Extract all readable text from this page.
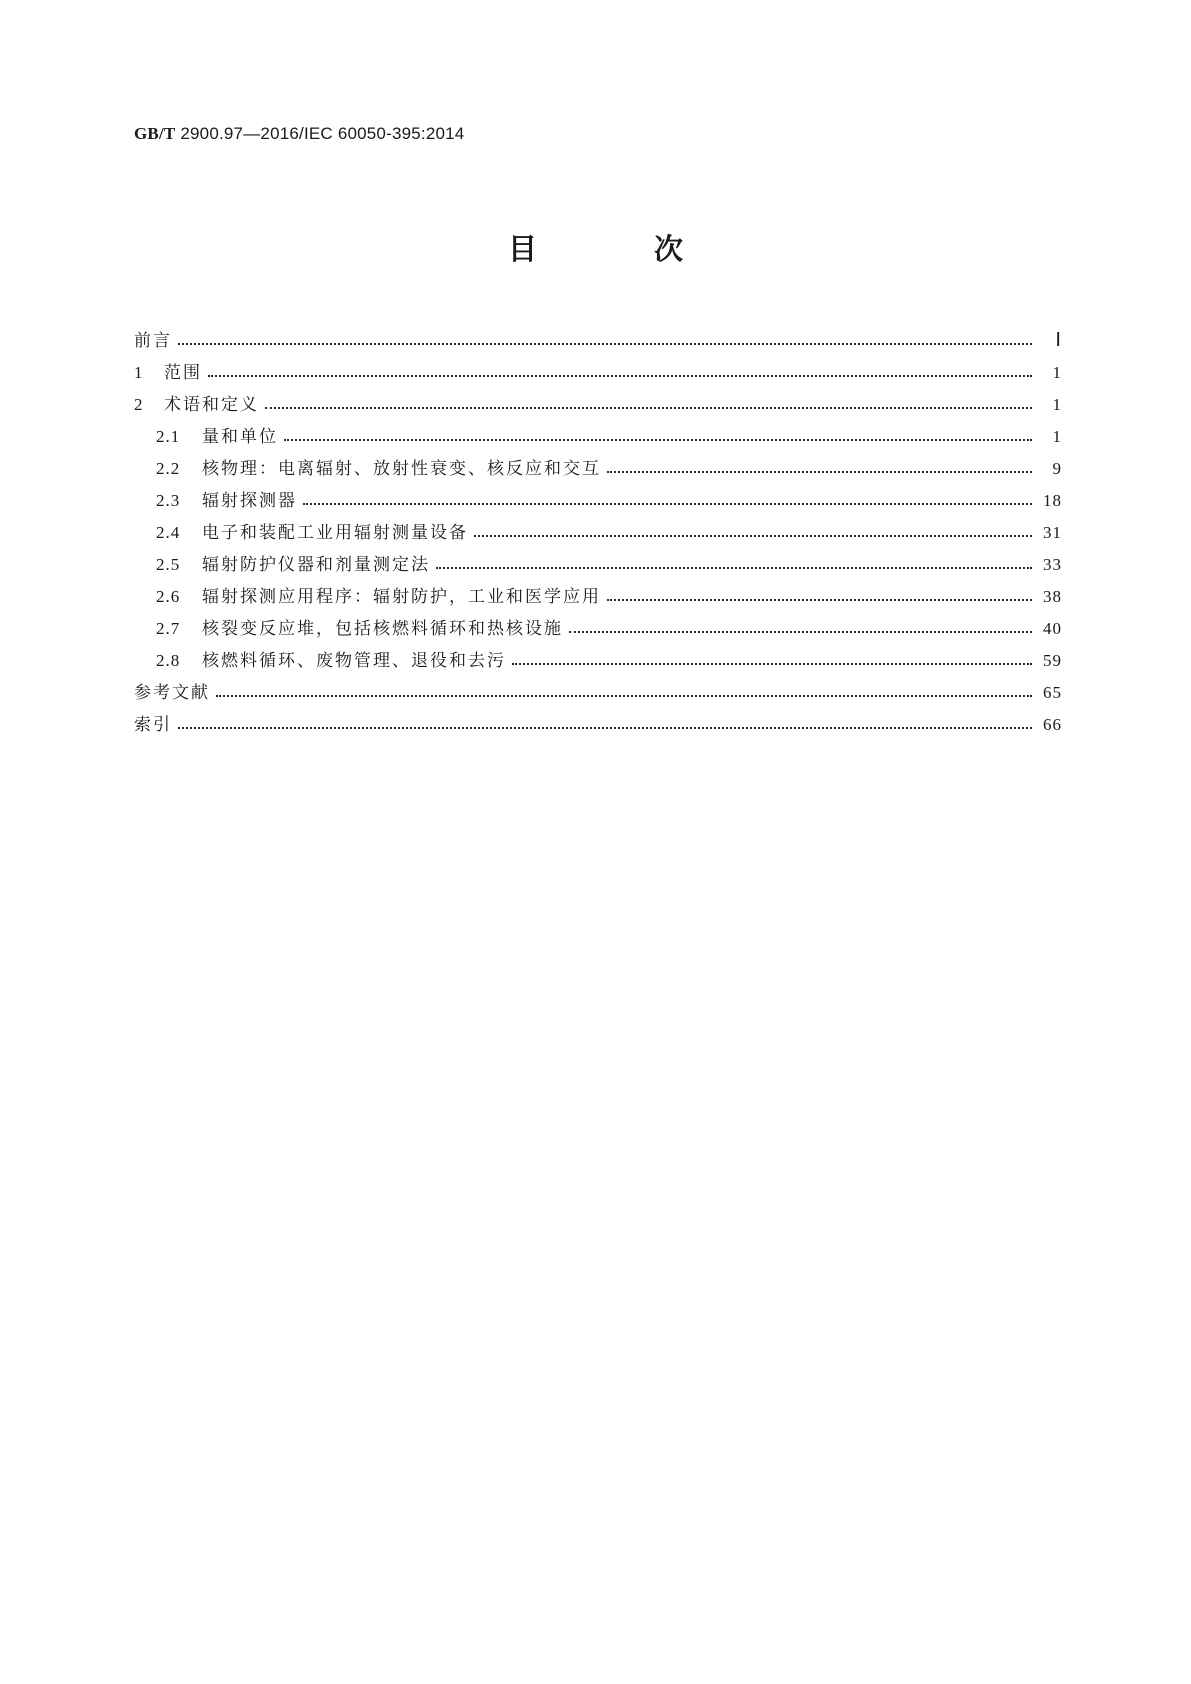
GB/T 2900.97—2016/IEC 60050-395:2014
目　次
前言	Ⅰ
1	范围	1
2	术语和定义	1
2.1	量和单位	1
2.2	核物理：电离辐射、放射性衰变、核反应和交互	9
2.3	辐射探测器	18
2.4	电子和装配工业用辐射测量设备	31
2.5	辐射防护仪器和剂量测定法	33
2.6	辐射探测应用程序：辐射防护，工业和医学应用	38
2.7	核裂变反应堆，包括核燃料循环和热核设施	40
2.8	核燃料循环、废物管理、退役和去污	59
参考文献	65
索引	66
